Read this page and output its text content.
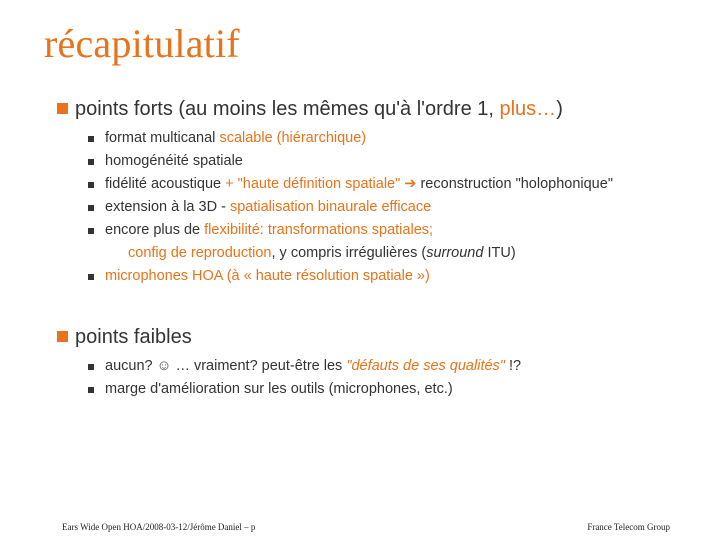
récapitulatif
points forts (au moins les mêmes qu'à l'ordre 1, plus…)
format multicanal scalable (hiérarchique)
homogénéité spatiale
fidélité acoustique + "haute définition spatiale" ➔ reconstruction "holophonique"
extension à la 3D - spatialisation binaurale efficace
encore plus de flexibilité: transformations spatiales;
config de reproduction, y compris irrégulières (surround ITU)
microphones HOA (à « haute résolution spatiale »)
points faibles
aucun? ☺ … vraiment? peut-être les "défauts de ses qualités" !?
marge d'amélioration sur les outils (microphones, etc.)
Ears Wide Open HOA/2008-03-12/Jérôme Daniel – p	France Telecom Group
